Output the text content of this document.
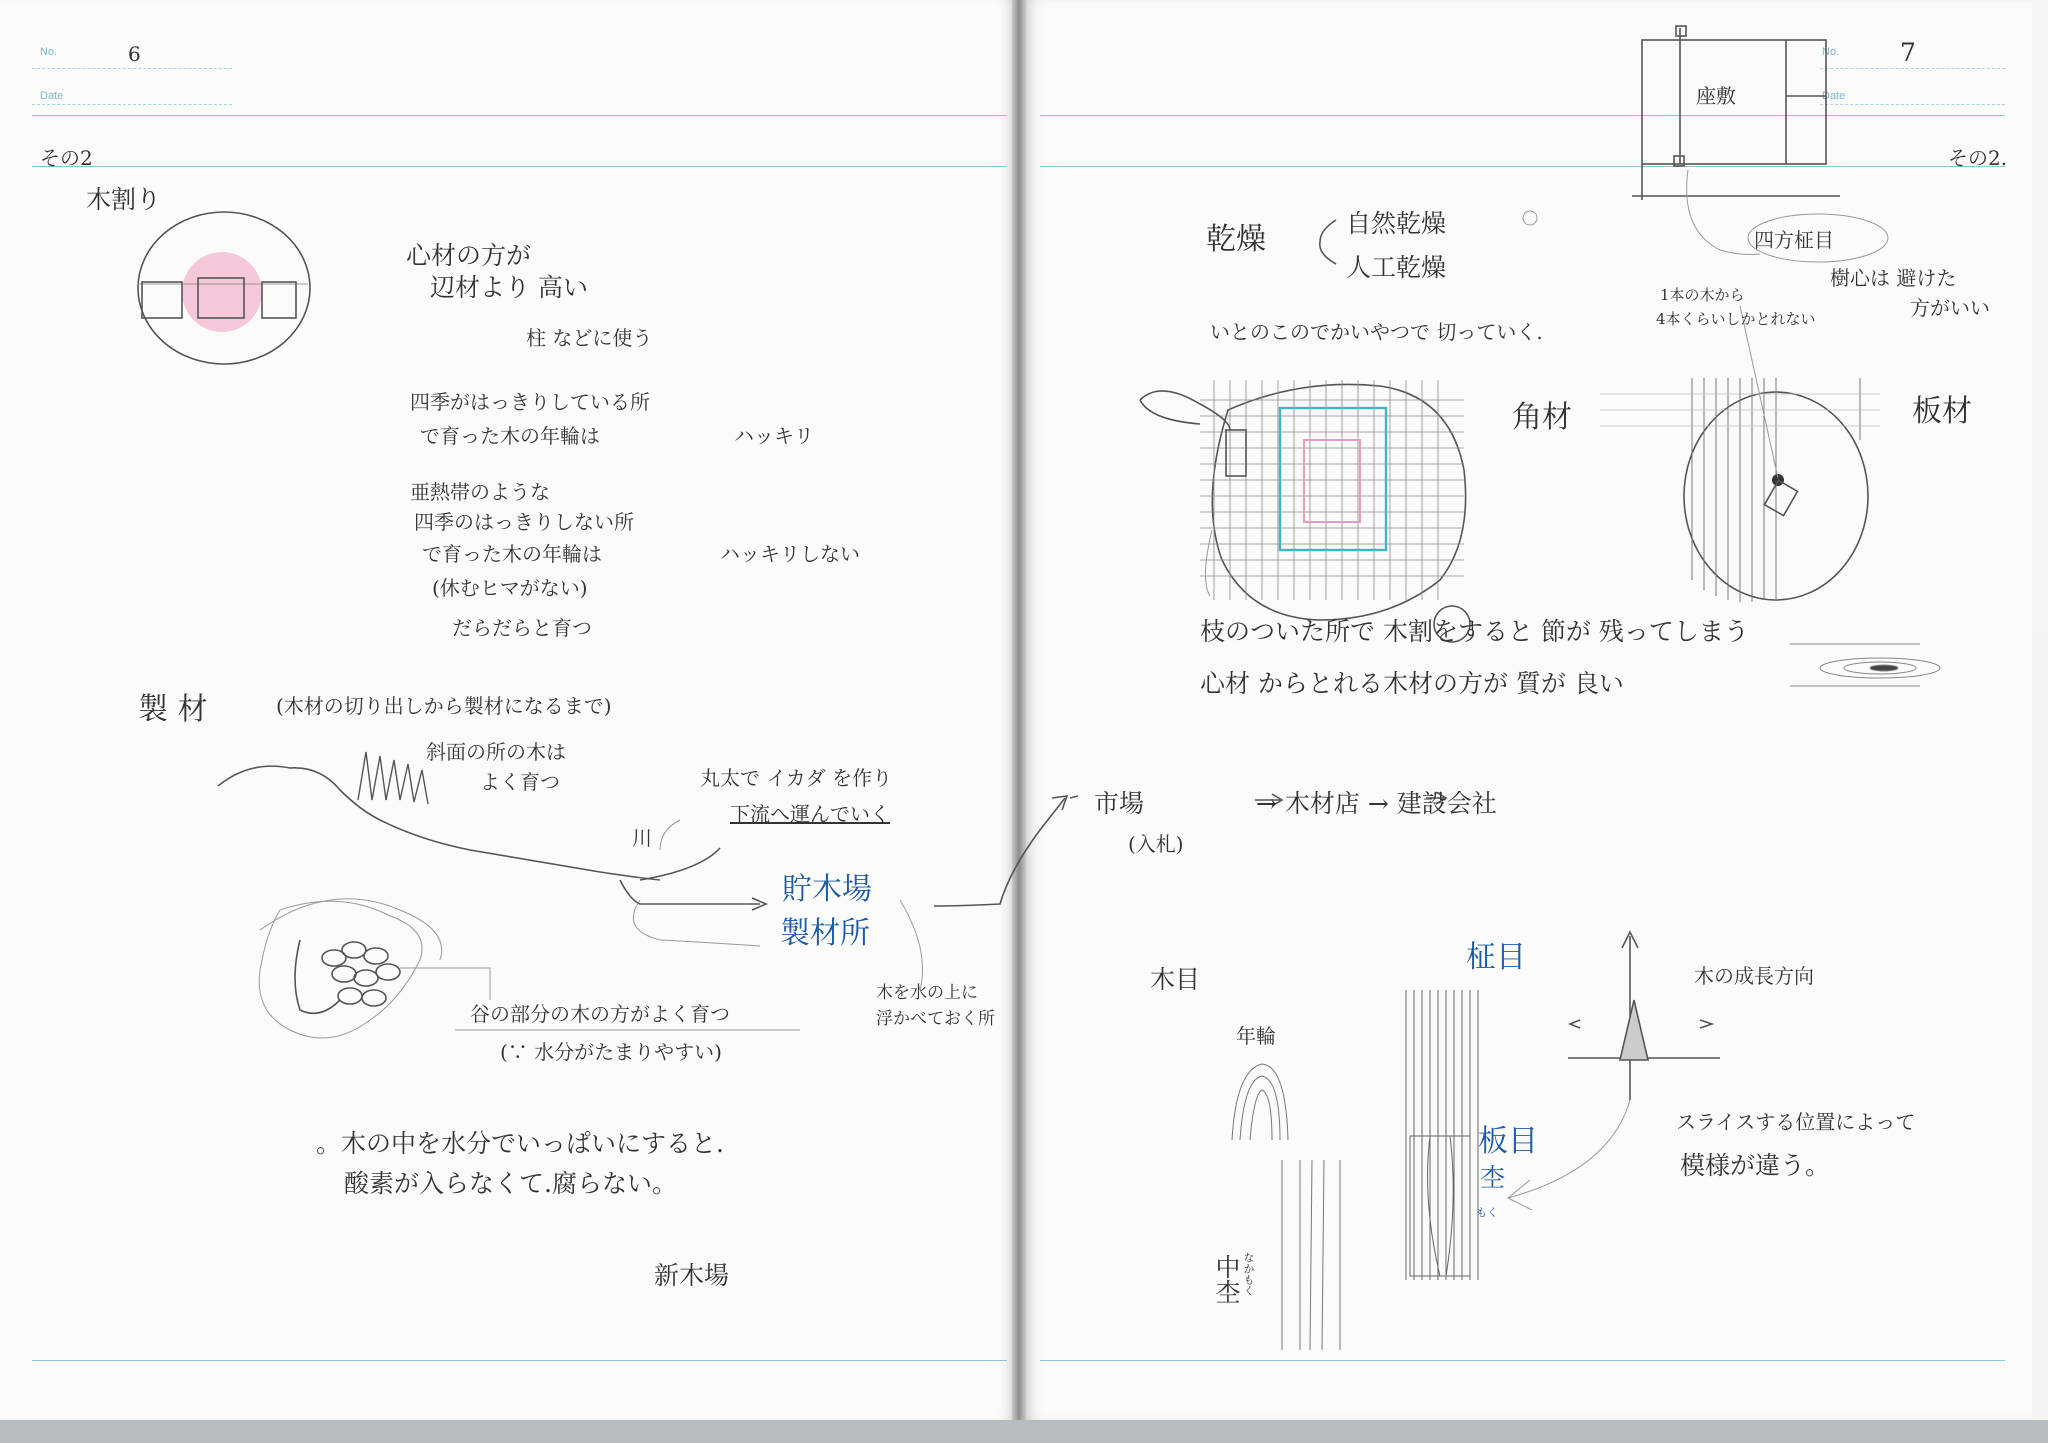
No.
Date
No.
Date
6	7
その2	その2.
木割り
心材の方が
辺材より 高い
柱 などに使う
四季がはっきりしている所
で育った木の年輪は	ハッキリ
亜熱帯のような
四季のはっきりしない所
で育った木の年輪は	ハッキリしない
(休むヒマがない)
だらだらと育つ
製 材	(木材の切り出しから製材になるまで)
斜面の所の木は
よく育つ	丸太で イカダ を作り
下流へ運んでいく
川
貯木場
製材所
木を水の上に
浮かべておく所
谷の部分の木の方がよく育つ
(∵ 水分がたまりやすい)
。木の中を水分でいっぱいにすると.
酸素が入らなくて.腐らない。
新木場
座敷
四方柾目
1本の木から
4本くらいしかとれない
樹心は 避けた
方がいい
乾燥	自然乾燥
人工乾燥
いとのこのでかいやつで 切っていく.
角材	板材
枝のついた所で 木割をすると 節が 残ってしまう
心材 からとれる木材の方が 質が 良い
市場
(入札)
→ 木材店 → 建設会社
木目
年輪
柾目
板目
杢
もく
中杢 なかもく
木の成長方向
スライスする位置によって
模様が違う。
